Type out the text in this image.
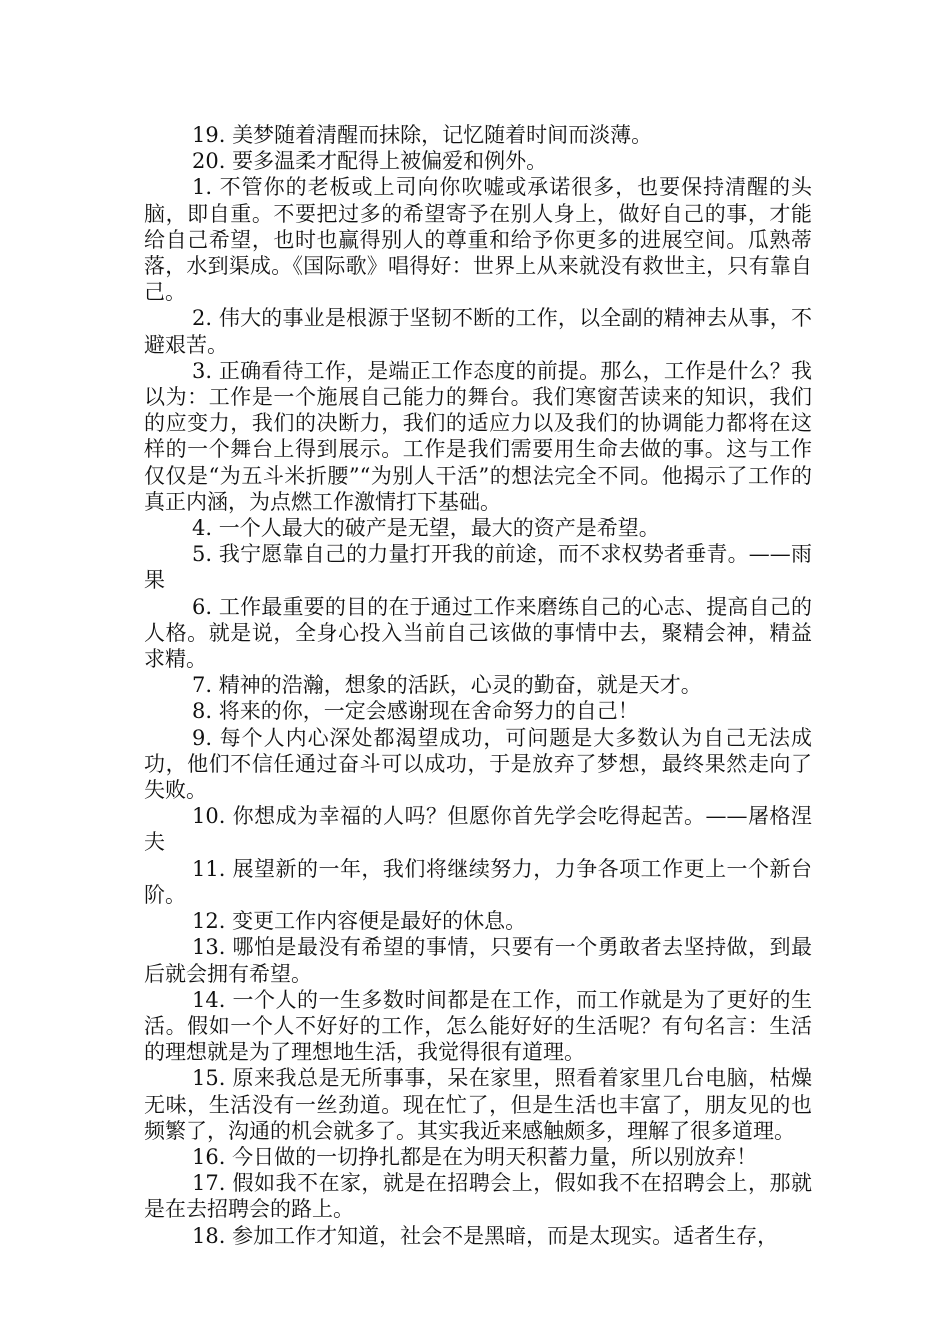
19. 美梦随着清醒而抹除，记忆随着时间而淡薄。

20. 要多温柔才配得上被偏爱和例外。

1. 不管你的老板或上司向你吹嘘或承诺很多，也要保持清醒的头脑，即自重。不要把过多的希望寄予在别人身上，做好自己的事，才能给自己希望，也时也赢得别人的尊重和给予你更多的进展空间。瓜熟蒂落，水到渠成。《国际歌》唱得好：世界上从来就没有救世主，只有靠自己。

2. 伟大的事业是根源于坚韧不断的工作，以全副的精神去从事，不避艰苦。

3. 正确看待工作，是端正工作态度的前提。那么，工作是什么？我以为：工作是一个施展自己能力的舞台。我们寒窗苦读来的知识，我们的应变力，我们的决断力，我们的适应力以及我们的协调能力都将在这样的一个舞台上得到展示。工作是我们需要用生命去做的事。这与工作仅仅是“为五斗米折腰”“为别人干活”的想法完全不同。他揭示了工作的真正内涵，为点燃工作激情打下基础。

4. 一个人最大的破产是无望，最大的资产是希望。

5. 我宁愿靠自己的力量打开我的前途，而不求权势者垂青。——雨果

6. 工作最重要的目的在于通过工作来磨练自己的心志、提高自己的人格。就是说，全身心投入当前自己该做的事情中去，聚精会神，精益求精。

7. 精神的浩瀚，想象的活跃，心灵的勤奋，就是天才。

8. 将来的你，一定会感谢现在舍命努力的自己！

9. 每个人内心深处都渴望成功，可问题是大多数认为自己无法成功，他们不信任通过奋斗可以成功，于是放弃了梦想，最终果然走向了失败。

10. 你想成为幸福的人吗？但愿你首先学会吃得起苦。——屠格涅夫

11. 展望新的一年，我们将继续努力，力争各项工作更上一个新台阶。

12. 变更工作内容便是最好的休息。

13. 哪怕是最没有希望的事情，只要有一个勇敢者去坚持做，到最后就会拥有希望。

14. 一个人的一生多数时间都是在工作，而工作就是为了更好的生活。假如一个人不好好的工作，怎么能好好的生活呢？有句名言：生活的理想就是为了理想地生活，我觉得很有道理。

15. 原来我总是无所事事，呆在家里，照看着家里几台电脑，枯燥无味，生活没有一丝劲道。现在忙了，但是生活也丰富了，朋友见的也频繁了，沟通的机会就多了。其实我近来感触颇多，理解了很多道理。

16. 今日做的一切挣扎都是在为明天积蓄力量，所以别放弃！

17. 假如我不在家，就是在招聘会上，假如我不在招聘会上，那就是在去招聘会的路上。

18. 参加工作才知道，社会不是黑暗，而是太现实。适者生存，
